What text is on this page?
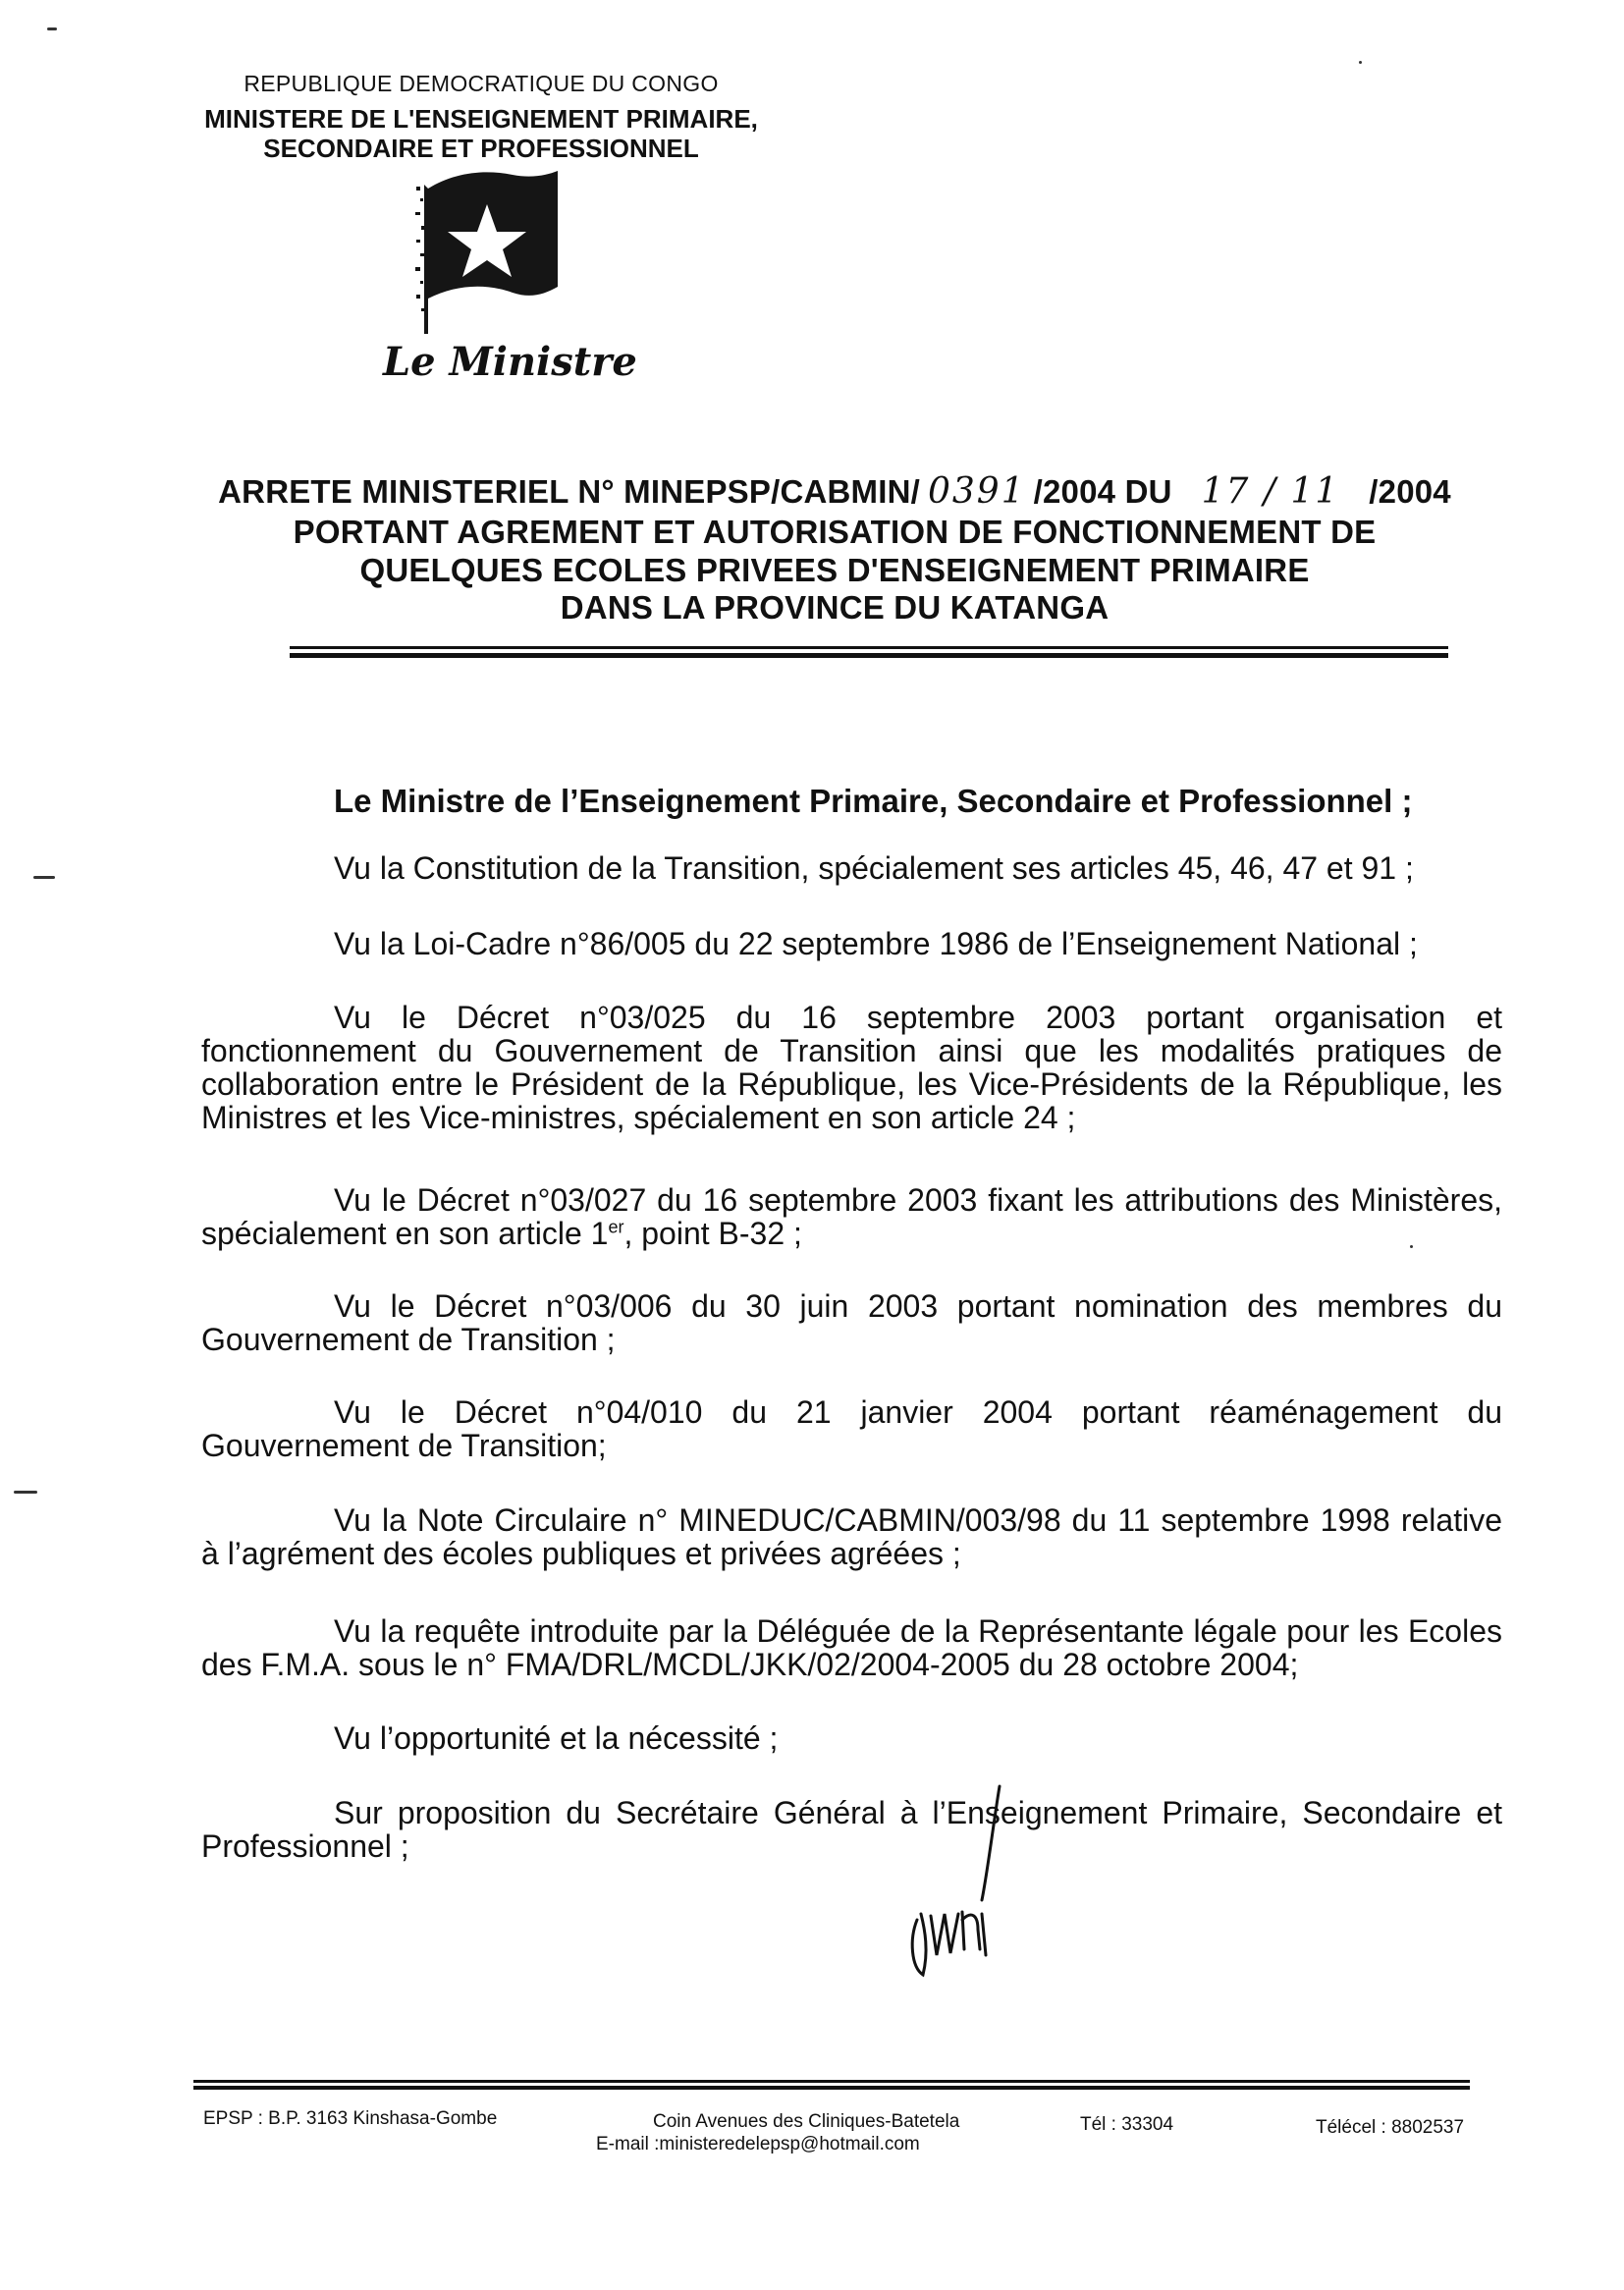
REPUBLIQUE DEMOCRATIQUE DU CONGO
MINISTERE DE L'ENSEIGNEMENT PRIMAIRE,
SECONDAIRE ET PROFESSIONNEL
Le Ministre
ARRETE MINISTERIEL N° MINEPSP/CABMIN/ 0391 /2004 DU 17 / 11 /2004
PORTANT AGREMENT ET AUTORISATION DE FONCTIONNEMENT DE
QUELQUES ECOLES PRIVEES D'ENSEIGNEMENT PRIMAIRE
DANS LA PROVINCE DU KATANGA
Le Ministre de l’Enseignement Primaire, Secondaire et Professionnel ;
Vu la Constitution de la Transition, spécialement ses articles 45, 46, 47 et 91 ;
Vu la Loi-Cadre n°86/005 du 22 septembre 1986 de l’Enseignement National ;
Vu le Décret n°03/025 du 16 septembre 2003 portant organisation et fonctionnement du Gouvernement de Transition ainsi que les modalités pratiques de collaboration entre le Président de la République, les Vice-Présidents de la République, les Ministres et les Vice-ministres, spécialement en son article 24 ;
Vu le Décret n°03/027 du 16 septembre 2003 fixant les attributions des Ministères, spécialement en son article 1er, point B-32 ;
Vu le Décret n°03/006 du 30 juin 2003 portant nomination des membres du Gouvernement de Transition ;
Vu le Décret n°04/010 du 21 janvier 2004 portant réaménagement du Gouvernement de Transition;
Vu la Note Circulaire n° MINEDUC/CABMIN/003/98 du 11 septembre 1998 relative à l’agrément des écoles publiques et privées agréées ;
Vu la requête introduite par la Déléguée de la Représentante légale pour les Ecoles des F.M.A. sous le n° FMA/DRL/MCDL/JKK/02/2004-2005 du 28 octobre 2004;
Vu l’opportunité et la nécessité ;
Sur proposition du Secrétaire Général à l’Enseignement Primaire, Secondaire et Professionnel ;
EPSP : B.P. 3163 Kinshasa-Gombe	Coin Avenues des Cliniques-Batetela
E-mail :ministeredelepsp@hotmail.com
Tél : 33304	Télécel : 8802537
